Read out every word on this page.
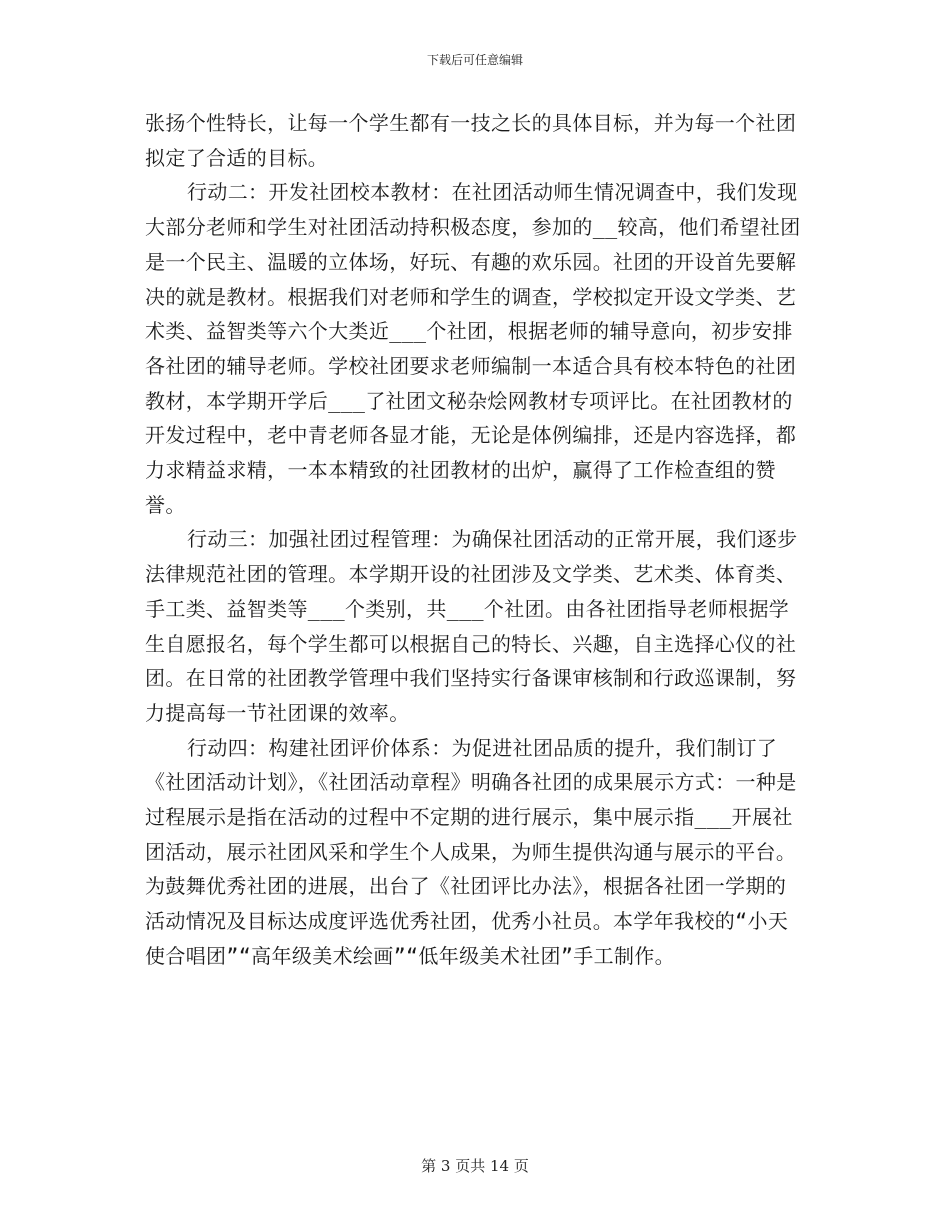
下载后可任意编辑

张扬个性特长，让每一个学生都有一技之长的具体目标，并为每一个社团拟定了合适的目标。

行动二：开发社团校本教材：在社团活动师生情况调查中，我们发现大部分老师和学生对社团活动持积极态度，参加的__较高，他们希望社团是一个民主、温暖的立体场，好玩、有趣的欢乐园。社团的开设首先要解决的就是教材。根据我们对老师和学生的调查，学校拟定开设文学类、艺术类、益智类等六个大类近___个社团，根据老师的辅导意向，初步安排各社团的辅导老师。学校社团要求老师编制一本适合具有校本特色的社团教材，本学期开学后___了社团文秘杂烩网教材专项评比。在社团教材的开发过程中，老中青老师各显才能，无论是体例编排，还是内容选择，都力求精益求精，一本本精致的社团教材的出炉，赢得了工作检查组的赞誉。

行动三：加强社团过程管理：为确保社团活动的正常开展，我们逐步法律规范社团的管理。本学期开设的社团涉及文学类、艺术类、体育类、手工类、益智类等___个类别，共___个社团。由各社团指导老师根据学生自愿报名，每个学生都可以根据自己的特长、兴趣，自主选择心仪的社团。在日常的社团教学管理中我们坚持实行备课审核制和行政巡课制，努力提高每一节社团课的效率。

行动四：构建社团评价体系：为促进社团品质的提升，我们制订了《社团活动计划》，《社团活动章程》明确各社团的成果展示方式：一种是过程展示是指在活动的过程中不定期的进行展示，集中展示指___开展社团活动，展示社团风采和学生个人成果，为师生提供沟通与展示的平台。为鼓舞优秀社团的进展，出台了《社团评比办法》，根据各社团一学期的活动情况及目标达成度评选优秀社团，优秀小社员。本学年我校的“小天使合唱团”“高年级美术绘画”“低年级美术社团”手工制作。

第 3 页共 14 页
